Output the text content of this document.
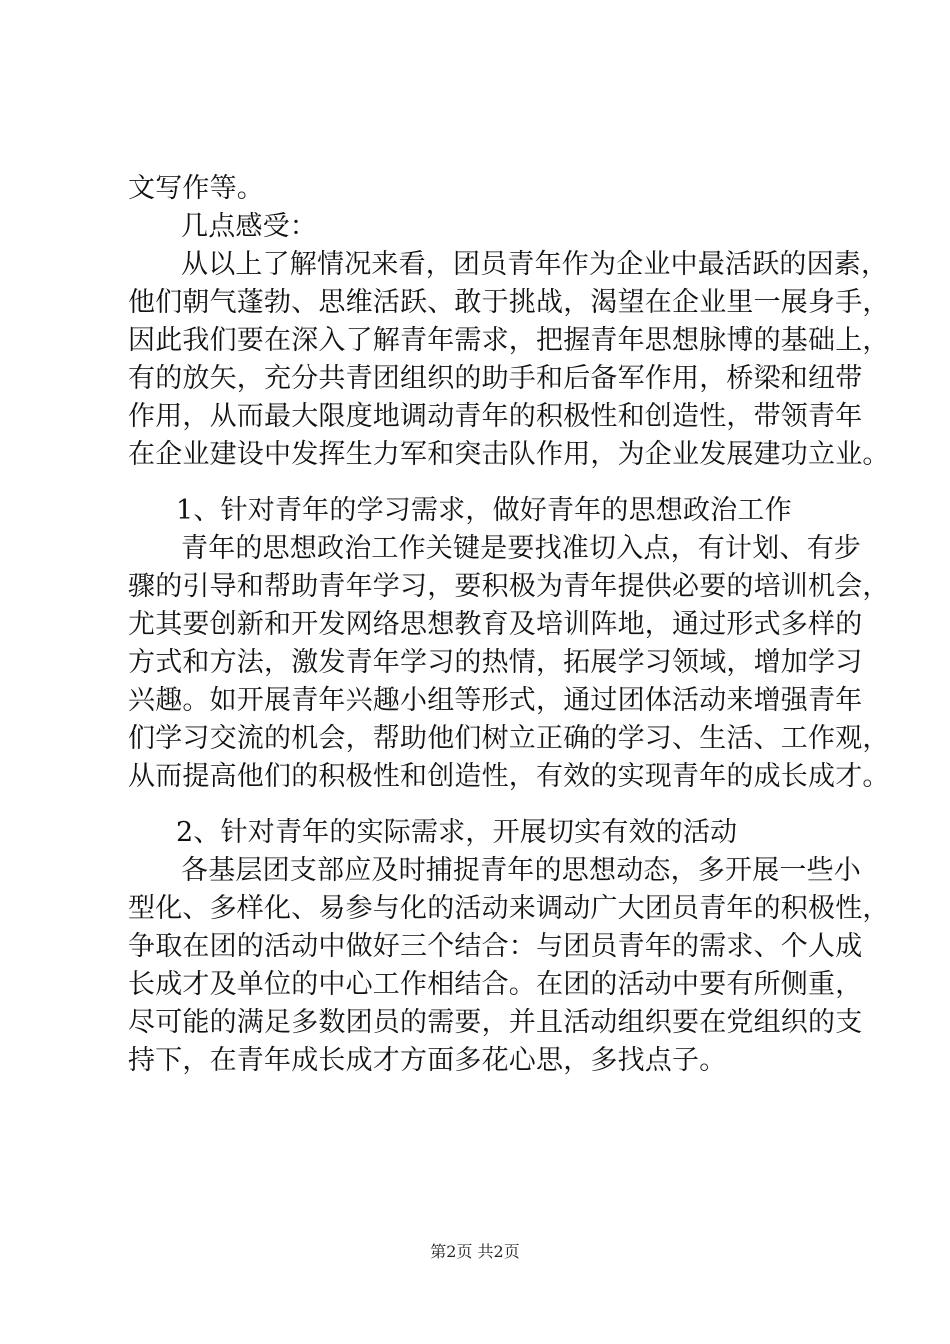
文写作等。
几点感受：
从以上了解情况来看，团员青年作为企业中最活跃的因素，
他们朝气蓬勃、思维活跃、敢于挑战，渴望在企业里一展身手，
因此我们要在深入了解青年需求，把握青年思想脉博的基础上，
有的放矢，充分共青团组织的助手和后备军作用，桥梁和纽带
作用，从而最大限度地调动青年的积极性和创造性，带领青年
在企业建设中发挥生力军和突击队作用，为企业发展建功立业。
1、针对青年的学习需求，做好青年的思想政治工作
青年的思想政治工作关键是要找准切入点，有计划、有步
骤的引导和帮助青年学习，要积极为青年提供必要的培训机会，
尤其要创新和开发网络思想教育及培训阵地，通过形式多样的
方式和方法，激发青年学习的热情，拓展学习领域，增加学习
兴趣。如开展青年兴趣小组等形式，通过团体活动来增强青年
们学习交流的机会，帮助他们树立正确的学习、生活、工作观，
从而提高他们的积极性和创造性，有效的实现青年的成长成才。
2、针对青年的实际需求，开展切实有效的活动
各基层团支部应及时捕捉青年的思想动态，多开展一些小
型化、多样化、易参与化的活动来调动广大团员青年的积极性，
争取在团的活动中做好三个结合：与团员青年的需求、个人成
长成才及单位的中心工作相结合。在团的活动中要有所侧重，
尽可能的满足多数团员的需要，并且活动组织要在党组织的支
持下，在青年成长成才方面多花心思，多找点子。
第2页 共2页
